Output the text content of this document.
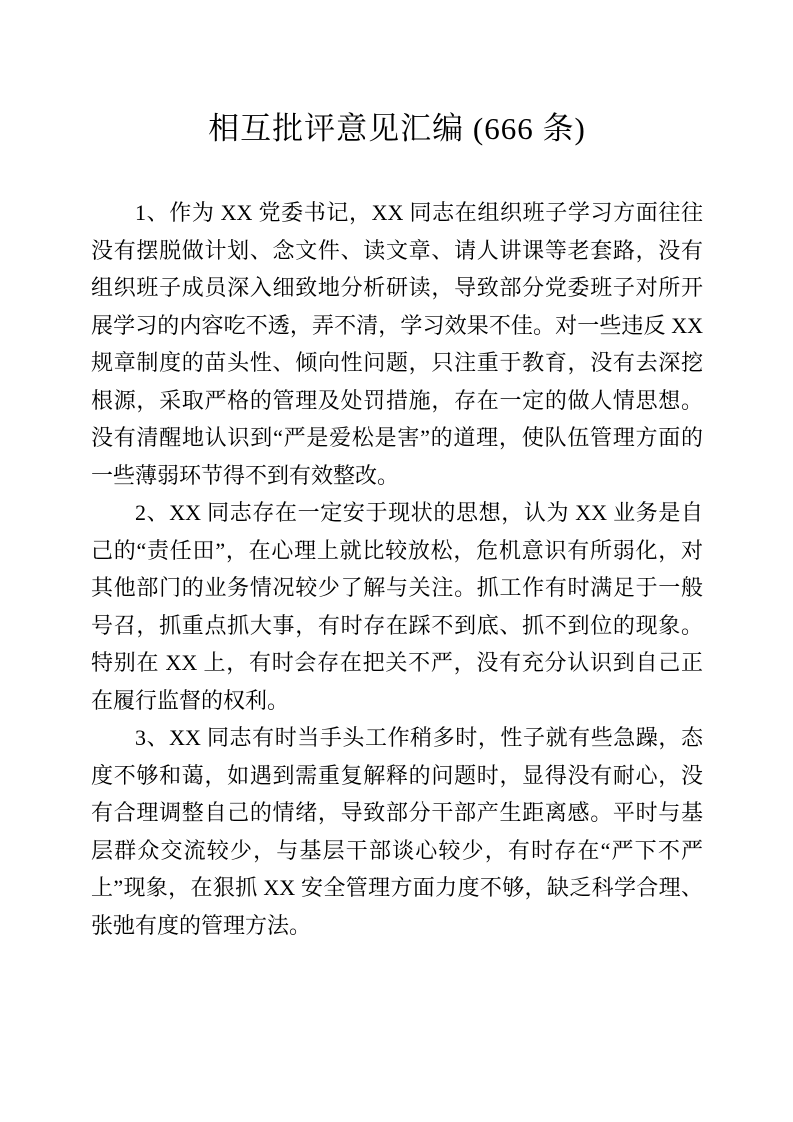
相互批评意见汇编 (666 条)

1、作为 XX 党委书记，XX 同志在组织班子学习方面往往没有摆脱做计划、念文件、读文章、请人讲课等老套路，没有组织班子成员深入细致地分析研读，导致部分党委班子对所开展学习的内容吃不透，弄不清，学习效果不佳。对一些违反 XX 规章制度的苗头性、倾向性问题，只注重于教育，没有去深挖根源，采取严格的管理及处罚措施，存在一定的做人情思想。没有清醒地认识到“严是爱松是害”的道理，使队伍管理方面的一些薄弱环节得不到有效整改。

2、XX 同志存在一定安于现状的思想，认为 XX 业务是自己的“责任田”，在心理上就比较放松，危机意识有所弱化，对其他部门的业务情况较少了解与关注。抓工作有时满足于一般号召，抓重点抓大事，有时存在踩不到底、抓不到位的现象。特别在 XX 上，有时会存在把关不严，没有充分认识到自己正在履行监督的权利。

3、XX 同志有时当手头工作稍多时，性子就有些急躁，态度不够和蔼，如遇到需重复解释的问题时，显得没有耐心，没有合理调整自己的情绪，导致部分干部产生距离感。平时与基层群众交流较少，与基层干部谈心较少，有时存在“严下不严上”现象，在狠抓 XX 安全管理方面力度不够，缺乏科学合理、张弛有度的管理方法。
